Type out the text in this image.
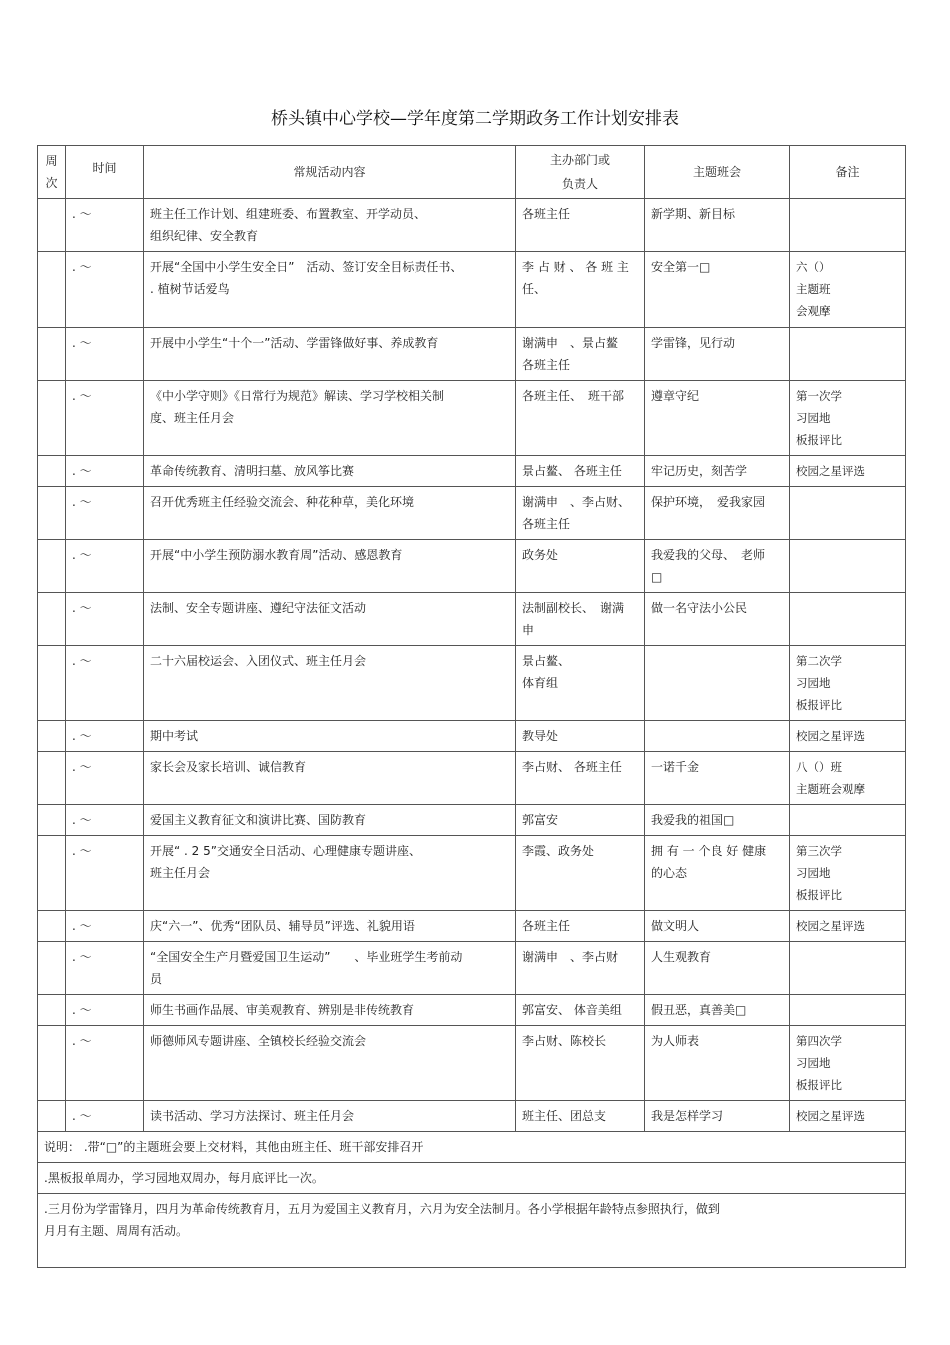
桥头镇中心学校—学年度第二学期政务工作计划安排表
周
次	时间	常规活动内容	主办部门或
负责人	主题班会	备注
	. ～	班主任工作计划、组建班委、布置教室、开学动员、
组织纪律、安全教育	各班主任	新学期、新目标	
	. ～	开展“全国中小学生安全日”　活动、签订安全目标责任书、
. 植树节话爱鸟	李 占 财 、 各 班 主
任、	安全第一□	六（）
主题班
会观摩
	. ～	开展中小学生“十个一”活动、学雷锋做好事、养成教育	谢满申　、景占鳌
各班主任	学雷锋，见行动	
	. ～	《中小学守则》《日常行为规范》解读、学习学校相关制
度、班主任月会	各班主任、　班干部	遵章守纪	第一次学
习园地
板报评比
	. ～	革命传统教育、清明扫墓、放风筝比赛	景占鳌、 各班主任	牢记历史，刻苦学	校园之星评选
	. ～	召开优秀班主任经验交流会、种花种草，美化环境	谢满申　、李占财、
各班主任	保护环境，　爱我家园	
	. ～	开展“中小学生预防溺水教育周”活动、感恩教育	政务处	我爱我的父母、　老师
□	
	. ～	法制、安全专题讲座、遵纪守法征文活动	法制副校长、　谢满
申	做一名守法小公民	
	. ～	二十六届校运会、入团仪式、班主任月会	景占鳌、
体育组		第二次学
习园地
板报评比
	. ～	期中考试	教导处		校园之星评选
	. ～	家长会及家长培训、诚信教育	李占财、 各班主任	一诺千金	八（）班
主题班会观摩
	. ～	爱国主义教育征文和演讲比赛、国防教育	郭富安	我爱我的祖国□	
	. ～	开展“ . 2 5”交通安全日活动、心理健康专题讲座、
班主任月会	李霞、政务处	拥 有 一 个良 好 健康
的心态	第三次学
习园地
板报评比
	. ～	庆“六一”、优秀“团队员、辅导员”评选、礼貌用语	各班主任	做文明人	校园之星评选
	. ～	“全国安全生产月暨爱国卫生运动”　　、毕业班学生考前动
员	谢满申　、李占财	人生观教育	
	. ～	师生书画作品展、审美观教育、辨别是非传统教育	郭富安、 体音美组	假丑恶，真善美□	
	. ～	师德师风专题讲座、全镇校长经验交流会	李占财、陈校长	为人师表	第四次学
习园地
板报评比
	. ～	读书活动、学习方法探讨、班主任月会	班主任、团总支	我是怎样学习	校园之星评选
说明： .带“□”的主题班会要上交材料，其他由班主任、班干部安排召开					
.黑板报单周办，学习园地双周办，每月底评比一次。					
.三月份为学雷锋月，四月为革命传统教育月，五月为爱国主义教育月，六月为安全法制月。各小学根据年龄特点参照执行，做到
月月有主题、周周有活动。					
